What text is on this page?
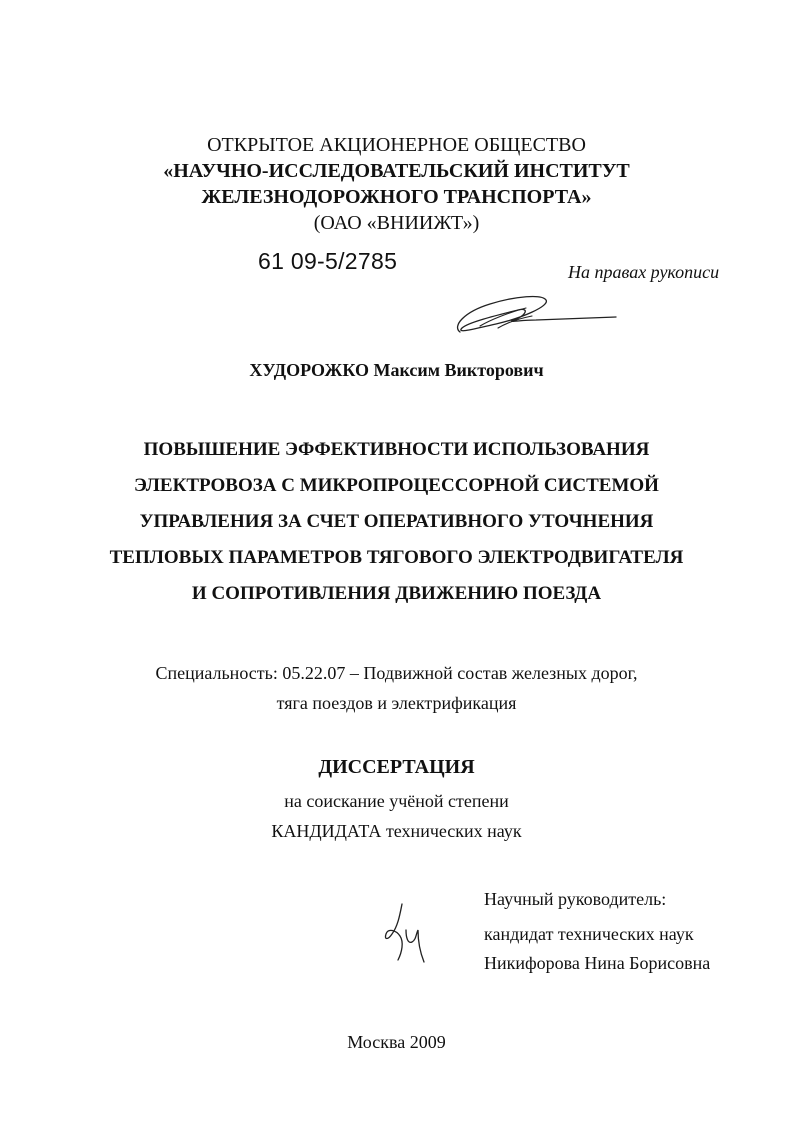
ОТКРЫТОЕ АКЦИОНЕРНОЕ ОБЩЕСТВО
«НАУЧНО-ИССЛЕДОВАТЕЛЬСКИЙ ИНСТИТУТ
ЖЕЛЕЗНОДОРОЖНОГО ТРАНСПОРТА»
(ОАО «ВНИИЖТ»)
61 09-5/2785	На правах рукописи
ХУДОРОЖКО Максим Викторович
ПОВЫШЕНИЕ ЭФФЕКТИВНОСТИ ИСПОЛЬЗОВАНИЯ
ЭЛЕКТРОВОЗА С МИКРОПРОЦЕССОРНОЙ СИСТЕМОЙ
УПРАВЛЕНИЯ ЗА СЧЕТ ОПЕРАТИВНОГО УТОЧНЕНИЯ
ТЕПЛОВЫХ ПАРАМЕТРОВ ТЯГОВОГО ЭЛЕКТРОДВИГАТЕЛЯ
И СОПРОТИВЛЕНИЯ ДВИЖЕНИЮ ПОЕЗДА
Специальность: 05.22.07 – Подвижной состав железных дорог,
тяга поездов и электрификация
ДИССЕРТАЦИЯ
на соискание учёной степени
КАНДИДАТА технических наук
Научный руководитель:
кандидат технических наук
Никифорова Нина Борисовна
Москва 2009
